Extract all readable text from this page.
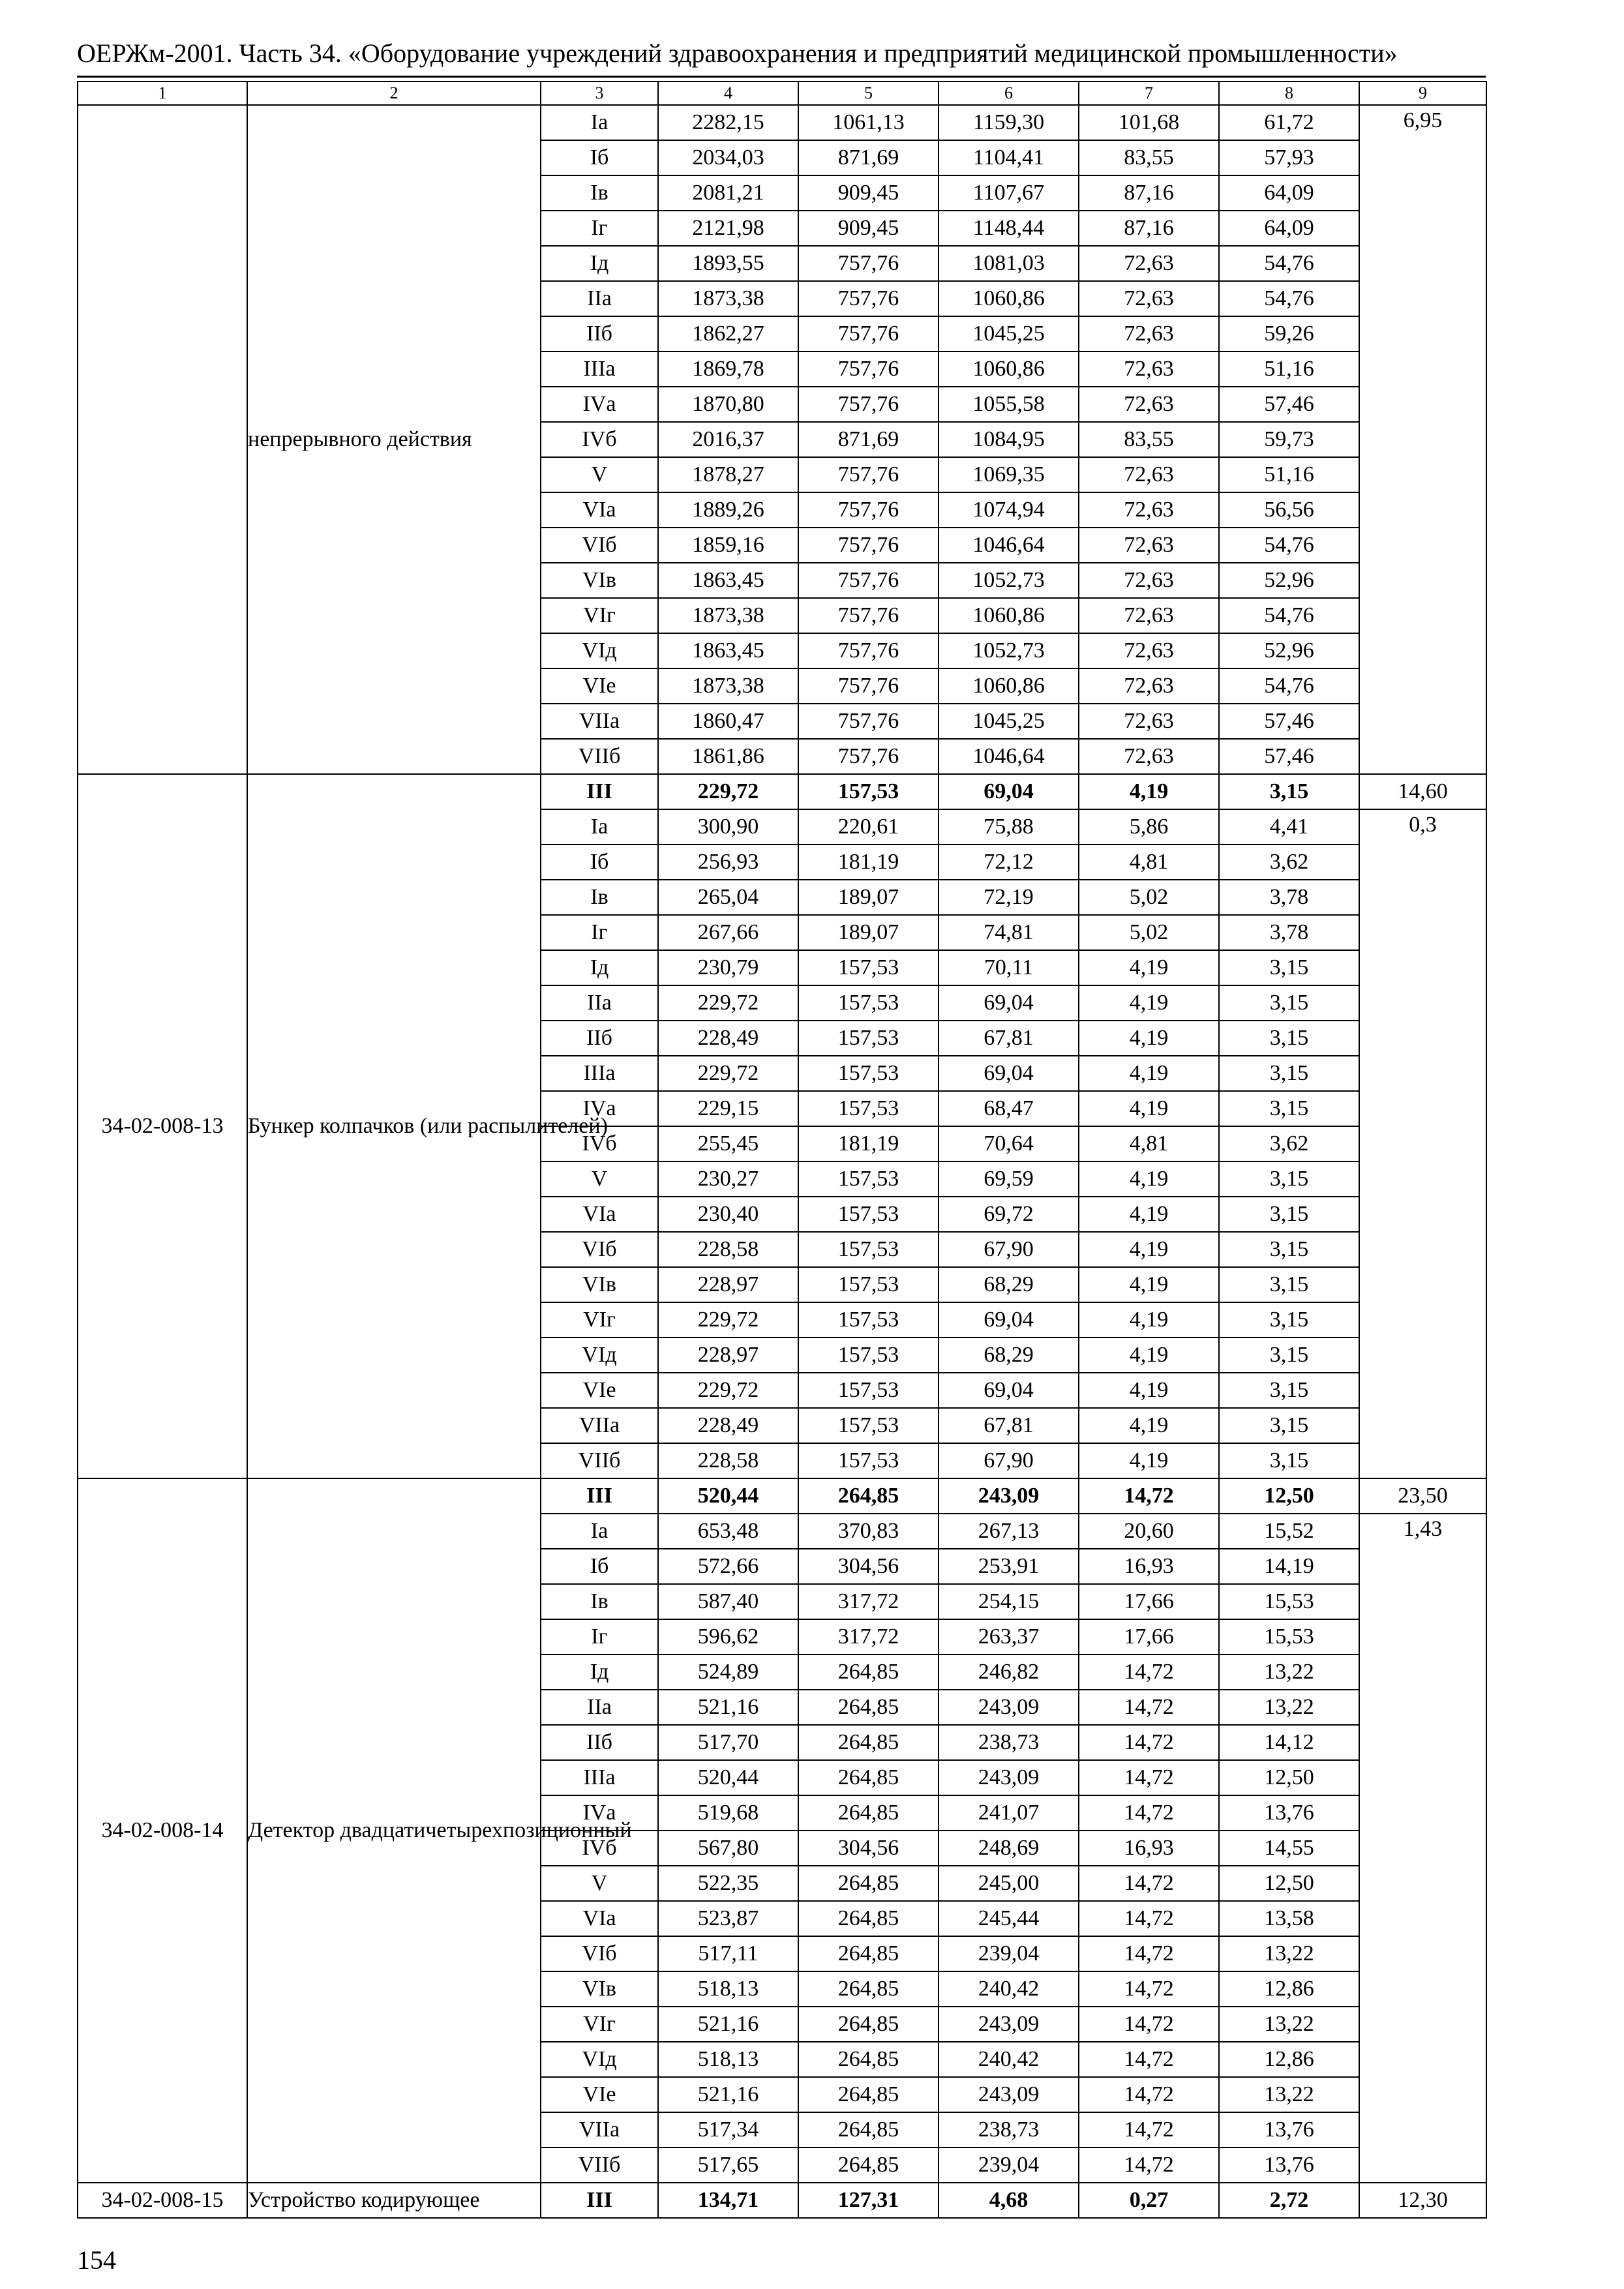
ОЕРЖм-2001. Часть 34. «Оборудование учреждений здравоохранения и предприятий медицинской промышленности»
1	2	3	4	5	6	7	8	9
	непрерывного действия	Iа	2282,15	1061,13	1159,30	101,68	61,72	6,95
		Iб	2034,03	871,69	1104,41	83,55	57,93	
		Iв	2081,21	909,45	1107,67	87,16	64,09	
		Iг	2121,98	909,45	1148,44	87,16	64,09	
		Iд	1893,55	757,76	1081,03	72,63	54,76	
		IIа	1873,38	757,76	1060,86	72,63	54,76	
		IIб	1862,27	757,76	1045,25	72,63	59,26	
		IIIа	1869,78	757,76	1060,86	72,63	51,16	
		IVа	1870,80	757,76	1055,58	72,63	57,46	
		IVб	2016,37	871,69	1084,95	83,55	59,73	
		V	1878,27	757,76	1069,35	72,63	51,16	
		VIа	1889,26	757,76	1074,94	72,63	56,56	
		VIб	1859,16	757,76	1046,64	72,63	54,76	
		VIв	1863,45	757,76	1052,73	72,63	52,96	
		VIг	1873,38	757,76	1060,86	72,63	54,76	
		VIд	1863,45	757,76	1052,73	72,63	52,96	
		VIе	1873,38	757,76	1060,86	72,63	54,76	
		VIIа	1860,47	757,76	1045,25	72,63	57,46	
		VIIб	1861,86	757,76	1046,64	72,63	57,46	
34-02-008-13	Бункер колпачков (или распылителей)	III	229,72	157,53	69,04	4,19	3,15	14,60
		Iа	300,90	220,61	75,88	5,86	4,41	0,3
		Iб	256,93	181,19	72,12	4,81	3,62	
		Iв	265,04	189,07	72,19	5,02	3,78	
		Iг	267,66	189,07	74,81	5,02	3,78	
		Iд	230,79	157,53	70,11	4,19	3,15	
		IIа	229,72	157,53	69,04	4,19	3,15	
		IIб	228,49	157,53	67,81	4,19	3,15	
		IIIа	229,72	157,53	69,04	4,19	3,15	
		IVа	229,15	157,53	68,47	4,19	3,15	
		IVб	255,45	181,19	70,64	4,81	3,62	
		V	230,27	157,53	69,59	4,19	3,15	
		VIа	230,40	157,53	69,72	4,19	3,15	
		VIб	228,58	157,53	67,90	4,19	3,15	
		VIв	228,97	157,53	68,29	4,19	3,15	
		VIг	229,72	157,53	69,04	4,19	3,15	
		VIд	228,97	157,53	68,29	4,19	3,15	
		VIе	229,72	157,53	69,04	4,19	3,15	
		VIIа	228,49	157,53	67,81	4,19	3,15	
		VIIб	228,58	157,53	67,90	4,19	3,15	
34-02-008-14	Детектор двадцатичетырехпозиционный	III	520,44	264,85	243,09	14,72	12,50	23,50
		Iа	653,48	370,83	267,13	20,60	15,52	1,43
		Iб	572,66	304,56	253,91	16,93	14,19	
		Iв	587,40	317,72	254,15	17,66	15,53	
		Iг	596,62	317,72	263,37	17,66	15,53	
		Iд	524,89	264,85	246,82	14,72	13,22	
		IIа	521,16	264,85	243,09	14,72	13,22	
		IIб	517,70	264,85	238,73	14,72	14,12	
		IIIа	520,44	264,85	243,09	14,72	12,50	
		IVа	519,68	264,85	241,07	14,72	13,76	
		IVб	567,80	304,56	248,69	16,93	14,55	
		V	522,35	264,85	245,00	14,72	12,50	
		VIа	523,87	264,85	245,44	14,72	13,58	
		VIб	517,11	264,85	239,04	14,72	13,22	
		VIв	518,13	264,85	240,42	14,72	12,86	
		VIг	521,16	264,85	243,09	14,72	13,22	
		VIд	518,13	264,85	240,42	14,72	12,86	
		VIе	521,16	264,85	243,09	14,72	13,22	
		VIIа	517,34	264,85	238,73	14,72	13,76	
		VIIб	517,65	264,85	239,04	14,72	13,76	
34-02-008-15	Устройство кодирующее	III	134,71	127,31	4,68	0,27	2,72	12,30
154
